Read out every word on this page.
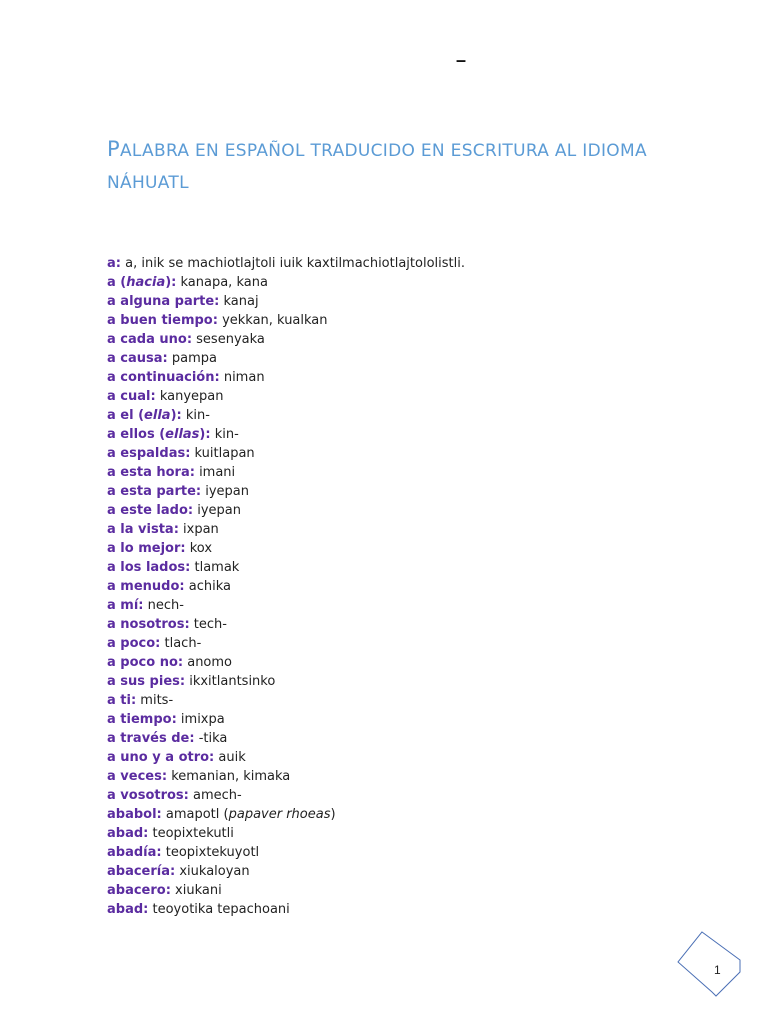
–
PALABRA EN ESPAÑOL TRADUCIDO EN ESCRITURA AL IDIOMA NÁHUATL
a: a, inik se machiotlajtoli iuik kaxtilmachiotlajtololistli.
a (hacia): kanapa, kana
a alguna parte: kanaj
a buen tiempo: yekkan, kualkan
a cada uno: sesenyaka
a causa: pampa
a continuación: niman
a cual: kanyepan
a el (ella): kin-
a ellos (ellas): kin-
a espaldas: kuitlapan
a esta hora: imani
a esta parte: iyepan
a este lado: iyepan
a la vista: ixpan
a lo mejor: kox
a los lados: tlamak
a menudo: achika
a mí: nech-
a nosotros: tech-
a poco: tlach-
a poco no: anomo
a sus pies: ikxitlantsinko
a ti: mits-
a tiempo: imixpa
a través de: -tika
a uno y a otro: auik
a veces: kemanian, kimaka
a vosotros: amech-
ababol: amapotl (papaver rhoeas)
abad: teopixtekutli
abadía: teopixtekuyotl
abacería: xiukaloyan
abacero: xiukani
abad: teoyotika tepachoani
1
